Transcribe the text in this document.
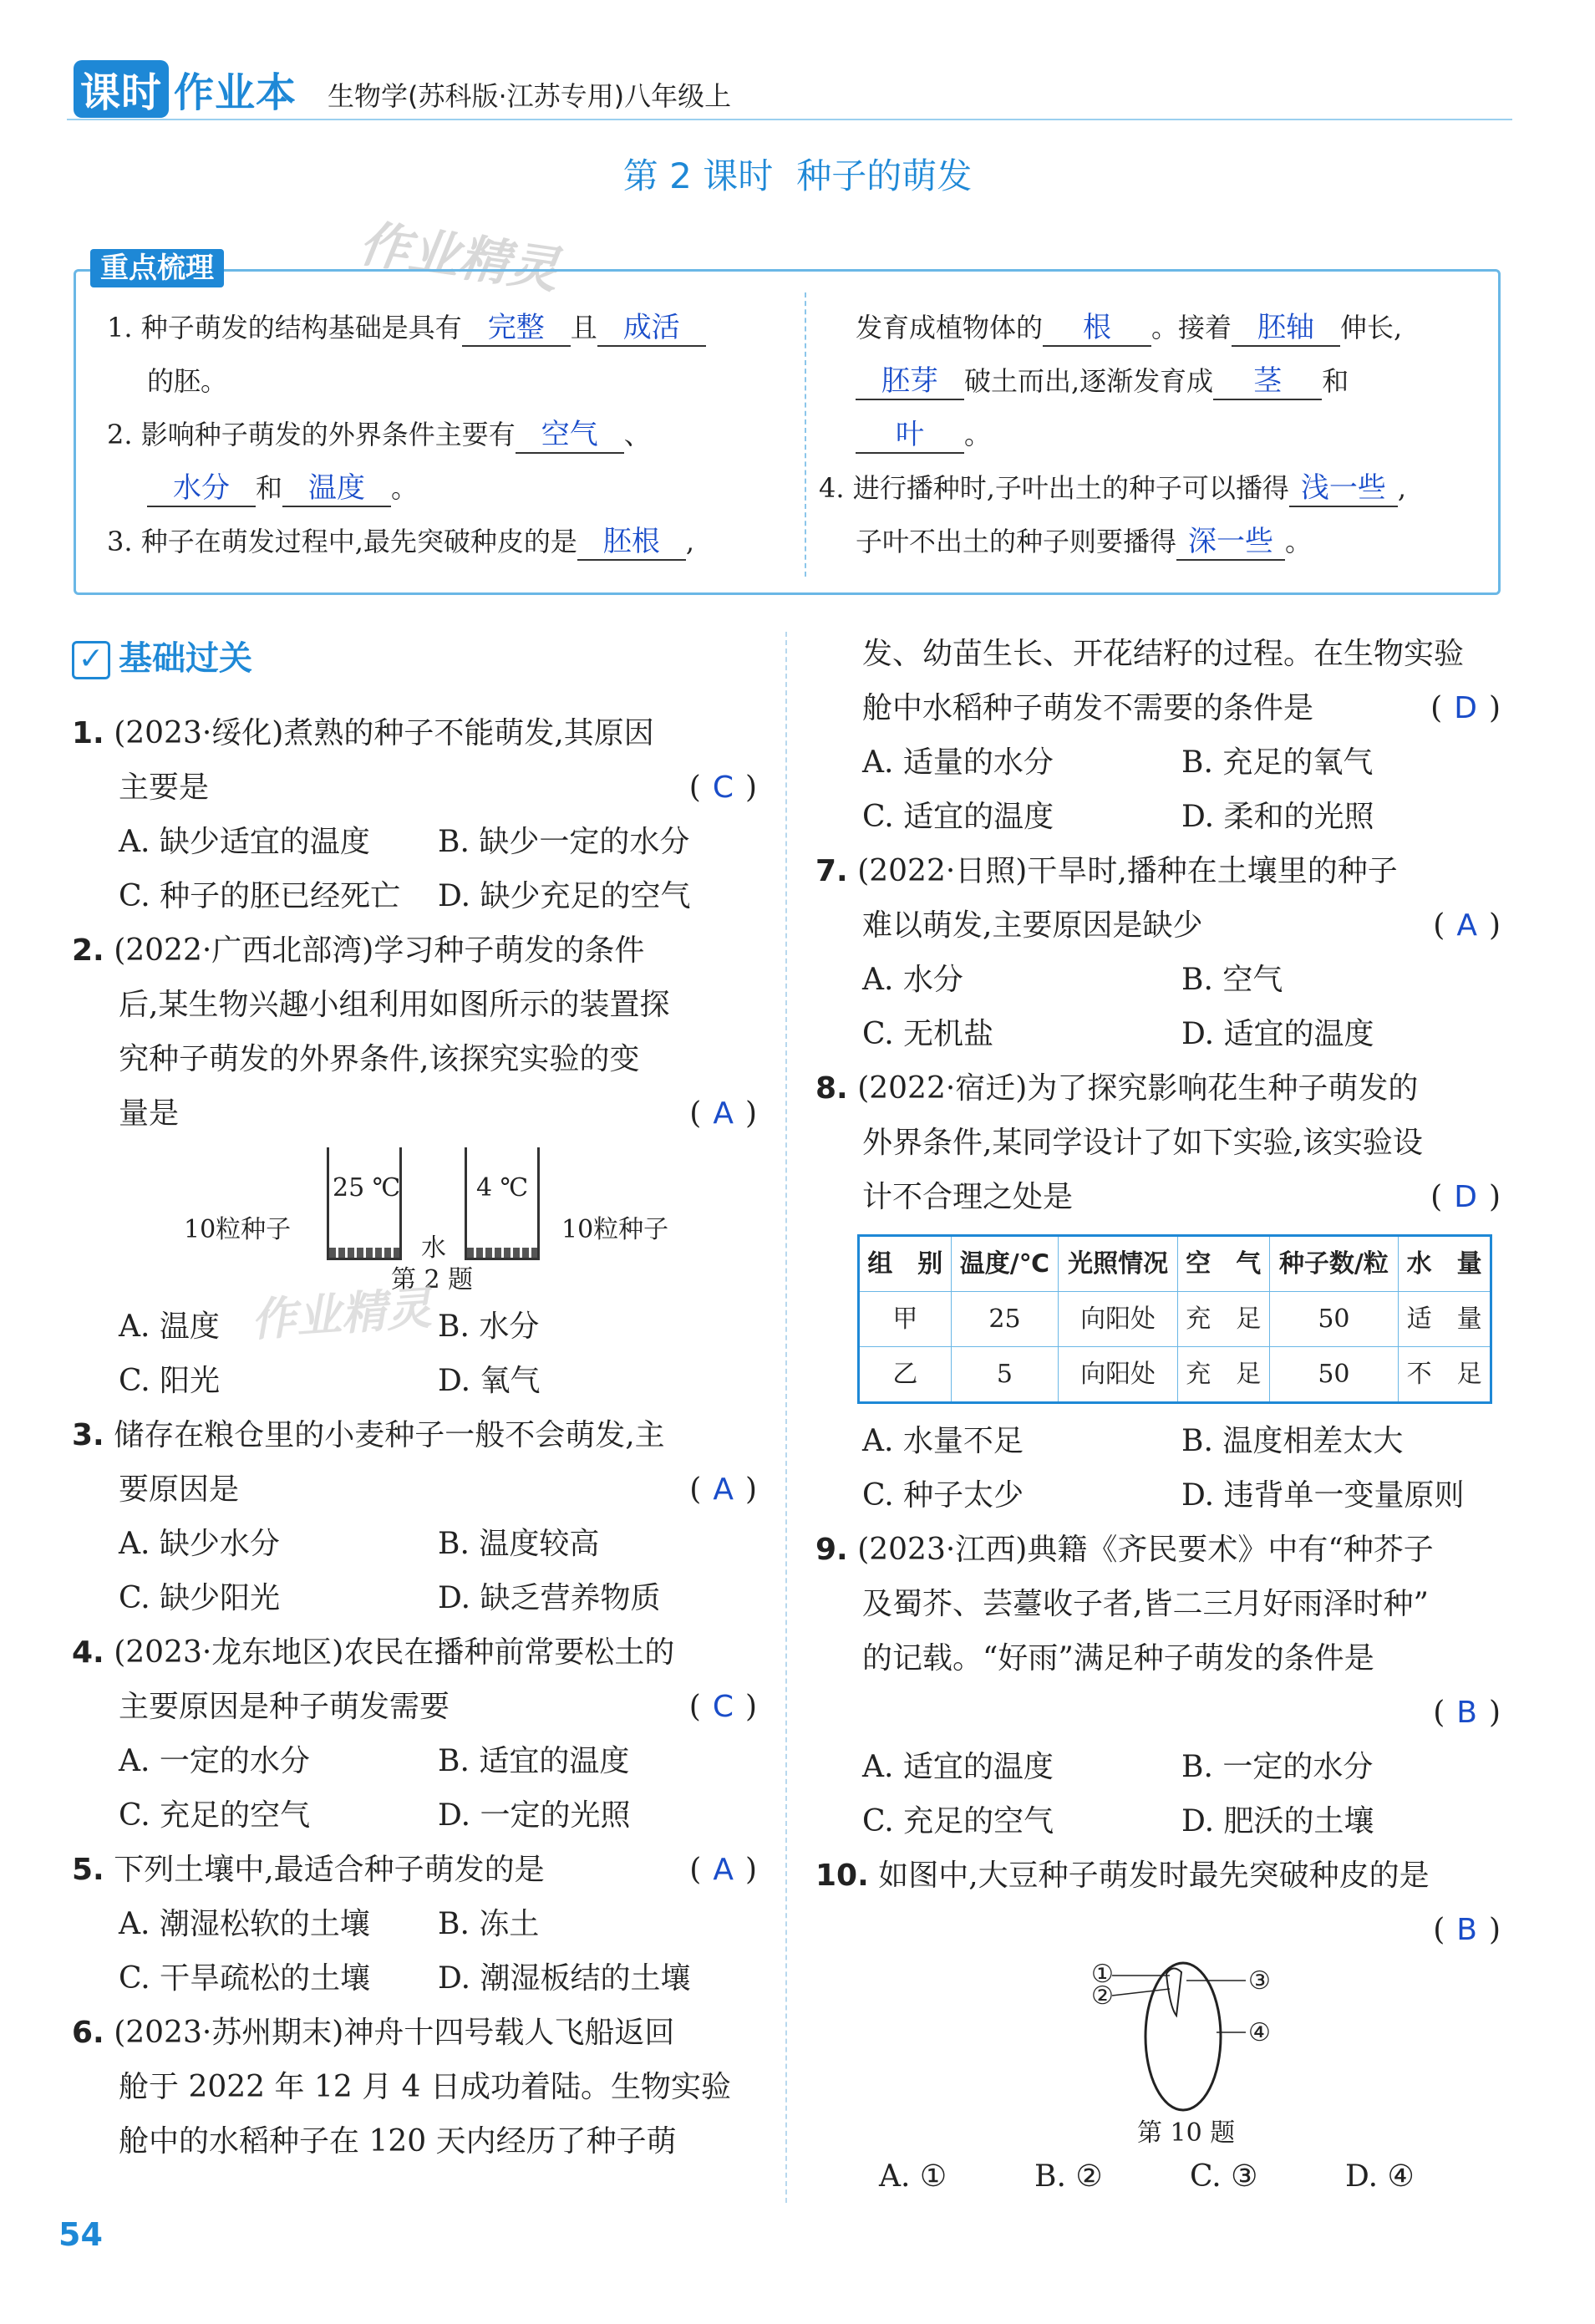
课时 作业本 生物学(苏科版·江苏专用)八年级上
第 2 课时 种子的萌发
作业精灵
重点梳理
1. 种子萌发的结构基础是具有 完整 且 成活
的胚。
2. 影响种子萌发的外界条件主要有 空气 、
水分 和 温度 。
3. 种子在萌发过程中,最先突破种皮的是 胚根 ,
发育成植物体的 根 。接着 胚轴 伸长,
胚芽 破土而出,逐渐发育成 茎 和
叶 。
4. 进行播种时,子叶出土的种子可以播得 浅一些 ,
子叶不出土的种子则要播得 深一些 。
✓ 基础过关
1. (2023·绥化)煮熟的种子不能萌发,其原因
主要是	( C )
A. 缺少适宜的温度	B. 缺少一定的水分
C. 种子的胚已经死亡	D. 缺少充足的空气
2. (2022·广西北部湾)学习种子萌发的条件
后,某生物兴趣小组利用如图所示的装置探
究种子萌发的外界条件,该探究实验的变
量是	( A )
25 ℃	4 ℃
10粒种子	10粒种子
水
第 2 题
A. 温度	B. 水分
C. 阳光	D. 氧气
3. 储存在粮仓里的小麦种子一般不会萌发,主
要原因是	( A )
A. 缺少水分	B. 温度较高
C. 缺少阳光	D. 缺乏营养物质
4. (2023·龙东地区)农民在播种前常要松土的
主要原因是种子萌发需要	( C )
A. 一定的水分	B. 适宜的温度
C. 充足的空气	D. 一定的光照
5. 下列土壤中,最适合种子萌发的是	( A )
A. 潮湿松软的土壤	B. 冻土
C. 干旱疏松的土壤	D. 潮湿板结的土壤
6. (2023·苏州期末)神舟十四号载人飞船返回
舱于 2022 年 12 月 4 日成功着陆。生物实验
舱中的水稻种子在 120 天内经历了种子萌
发、幼苗生长、开花结籽的过程。在生物实验
舱中水稻种子萌发不需要的条件是	( D )
A. 适量的水分	B. 充足的氧气
C. 适宜的温度	D. 柔和的光照
7. (2022·日照)干旱时,播种在土壤里的种子
难以萌发,主要原因是缺少	( A )
A. 水分	B. 空气
C. 无机盐	D. 适宜的温度
8. (2022·宿迁)为了探究影响花生种子萌发的
外界条件,某同学设计了如下实验,该实验设
计不合理之处是	( D )
组　别	温度/℃	光照情况	空　气	种子数/粒	水　量
甲	25	向阳处	充　足	50	适　量
乙	5	向阳处	充　足	50	不　足
A. 水量不足	B. 温度相差太大
C. 种子太少	D. 违背单一变量原则
9. (2023·江西)典籍《齐民要术》中有“种芥子
及蜀芥、芸薹收子者,皆二三月好雨泽时种”
的记载。“好雨”满足种子萌发的条件是
( B )
A. 适宜的温度	B. 一定的水分
C. 充足的空气	D. 肥沃的土壤
10. 如图中,大豆种子萌发时最先突破种皮的是
( B )
①
②
③
④
第 10 题
A. ①	B. ②	C. ③	D. ④
作业精灵
54
